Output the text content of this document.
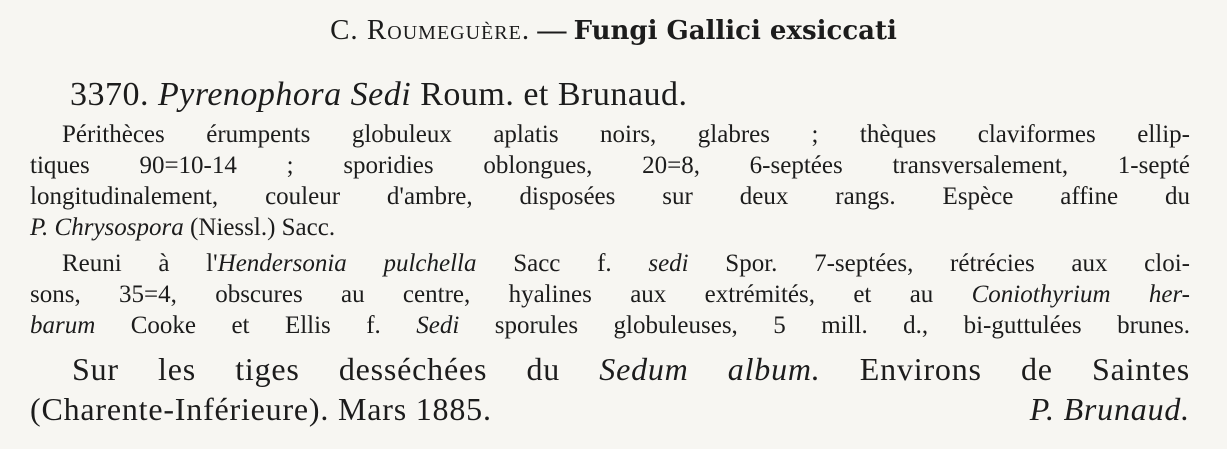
C. Roumeguère. — Fungi Gallici exsiccati
3370. Pyrenophora Sedi Roum. et Brunaud.
Périthèces érumpents globuleux aplatis noirs, glabres ; thèques claviformes ellip-
tiques 90=10-14 ; sporidies oblongues, 20=8, 6-septées transversalement, 1-septé
longitudinalement, couleur d'ambre, disposées sur deux rangs. Espèce affine du
P. Chrysospora (Niessl.) Sacc.
Reuni à l'Hendersonia pulchella Sacc f. sedi Spor. 7-septées, rétrécies aux cloi-
sons, 35=4, obscures au centre, hyalines aux extrémités, et au Coniothyrium her-
barum Cooke et Ellis f. Sedi sporules globuleuses, 5 mill. d., bi-guttulées brunes.
Sur les tiges desséchées du Sedum album. Environs de Saintes
(Charente-Inférieure). Mars 1885.	P. Brunaud.
